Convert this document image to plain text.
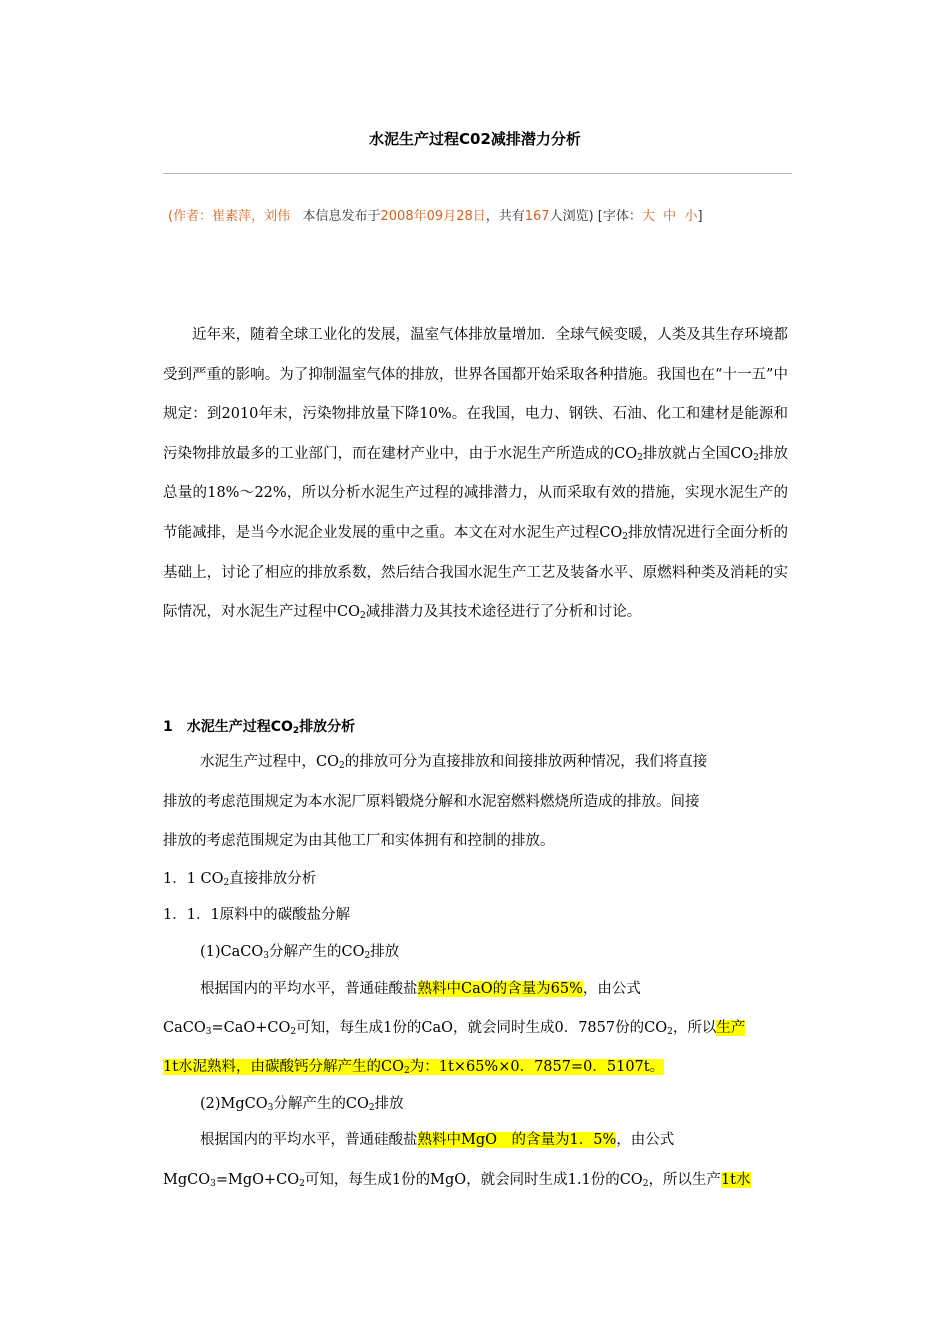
水泥生产过程C02减排潜力分析
(作者：崔素萍，刘伟 本信息发布于2008年09月28日，共有167人浏览) [字体：大 中 小]

  近年来，随着全球工业化的发展，温室气体排放量增加．全球气候变暖，人类及其生存环境都受到严重的影响。为了抑制温室气体的排放，世界各国都开始采取各种措施。我国也在“十一五”中规定：到2010年末，污染物排放量下降10%。在我国，电力、钢铁、石油、化工和建材是能源和污染物排放最多的工业部门，而在建材产业中，由于水泥生产所造成的$CO_2$排放就占全国$CO_2$排放总量的18%～22%，所以分析水泥生产过程的减排潜力，从而采取有效的措施，实现水泥生产的节能减排，是当今水泥企业发展的重中之重。本文在对水泥生产过程$CO_2$排放情况进行全面分析的基础上，讨论了相应的排放系数，然后结合我国水泥生产工艺及装备水平、原燃料种类及消耗的实际情况，对水泥生产过程中$CO_2$减排潜力及其技术途径进行了分析和讨论。

1　水泥生产过程$CO_2$排放分析
水泥生产过程中，$CO_2$的排放可分为直接排放和间接排放两种情况，我们将直接
排放的考虑范围规定为本水泥厂原料锻烧分解和水泥窑燃料燃烧所造成的排放。间接
排放的考虑范围规定为由其他工厂和实体拥有和控制的排放。
1．1 $CO_2$直接排放分析
1．1．1原料中的碳酸盐分解
(1)CaCO$_3$分解产生的$CO_2$排放
根据国内的平均水平，普通硅酸盐熟料中CaO的含量为65%，由公式
$CaCO_3=CaO+CO_2$可知，每生成1份的CaO，就会同时生成0．7857份的$CO_2$，所以生产
1t水泥熟料，由碳酸钙分解产生的$CO_2$为：1t×65%×0．7857=0．5107t。
(2)MgCO$_3$分解产生的$CO_2$排放
根据国内的平均水平，普通硅酸盐熟料中MgO　的含量为1．5%，由公式
$MgCO_3=MgO+CO_2$可知，每生成1份的MgO，就会同时生成1.1份的$CO_2$，所以生产1t水
